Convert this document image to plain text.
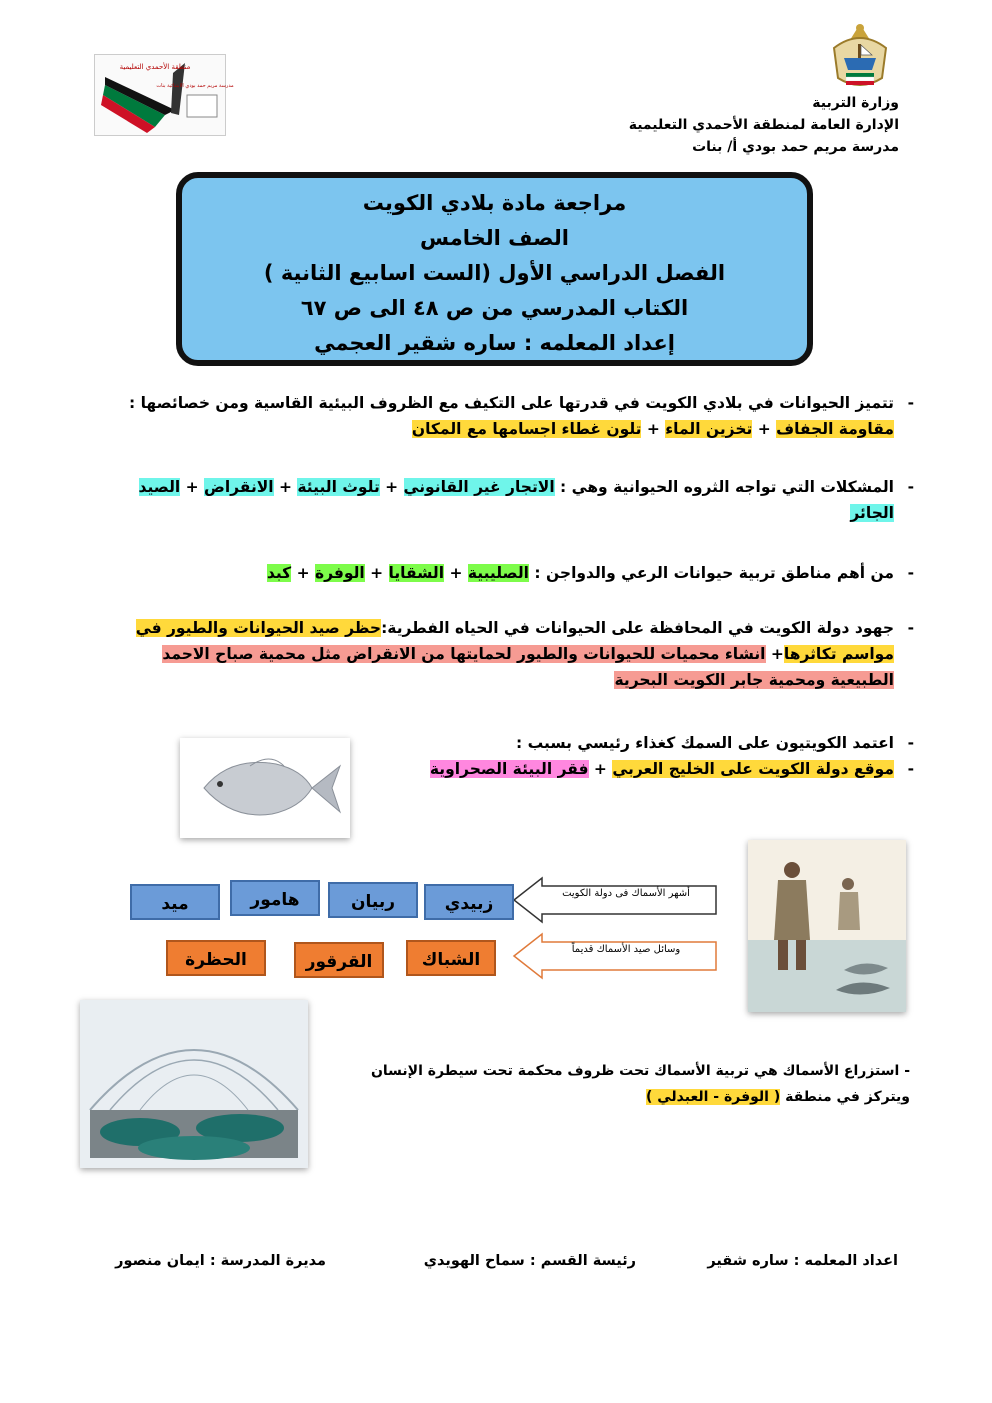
منطقة الأحمدي التعليمية
مدرسة مريم حمد بودي الابتدائية بنات
وزارة التربية
الإدارة العامة لمنطقة الأحمدي التعليمية
مدرسة مريم حمد بودي أ/ بنات
مراجعة مادة بلادي الكويت
الصف الخامس
الفصل الدراسي الأول (الست اسابيع الثانية )
الكتاب المدرسي من ص ٤٨ الى ص ٦٧
إعداد المعلمه : ساره شقير العجمي
-
تتميز الحيوانات في بلادي الكويت في قدرتها على التكيف مع الظروف البيئية القاسية ومن خصائصها : مقاومة الجفاف + تخزين الماء + تلون غطاء اجسامها مع المكان
-
المشكلات التي تواجه الثروه الحيوانية وهي : الاتجار غير القانوني + تلوث البيئة + الانقراض + الصيد الجائر
-
من أهم مناطق تربية حيوانات الرعي والدواجن : الصليبية + الشقايا + الوفرة + كبد
-
جهود دولة الكويت في المحافظة على الحيوانات في الحياه الفطرية:حظر صيد الحيوانات والطيور في مواسم تكاثرها+ انشاء محميات للحيوانات والطيور لحمايتها من الانقراض مثل محمية صباح الاحمد الطبيعية ومحمية جابر الكويت البحرية
-
اعتمد الكويتيون على السمك كغذاء رئيسي بسبب :
-
موقع دولة الكويت على الخليج العربي + فقر البيئة الصحراوية
أشهر الأسماك فى دولة الكويت
وسائل صيد الأسماك قديماً
زبيدي
ربيان
هامور
ميد
الشباك
القرقور
الحظرة
- استزراع الأسماك هي تربية الأسماك تحت ظروف محكمة تحت سيطرة الإنسان
ويتركز في منطقة ( الوفرة - العبدلي )
اعداد المعلمه : ساره شقير
رئيسة القسم : سماح الهويدي
مديرة المدرسة : ايمان منصور
